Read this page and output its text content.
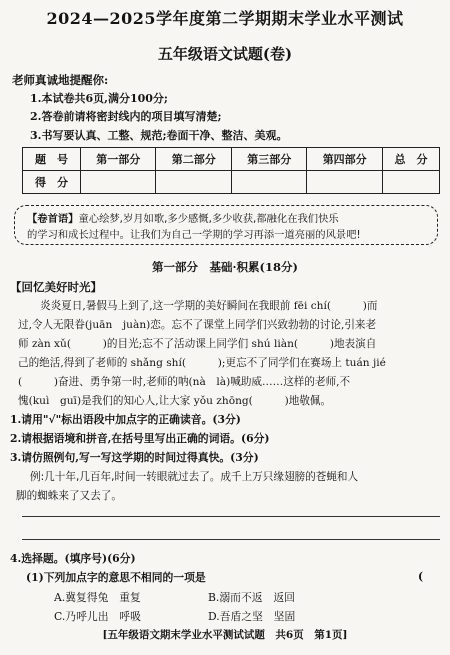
2024—2025学年度第二学期期末学业水平测试
五年级语文试题(卷)
老师真诚地提醒你:
1.本试卷共6页,满分100分;
2.答卷前请将密封线内的项目填写清楚;
3.书写要认真、工整、规范;卷面干净、整洁、美观。
题　号	第一部分	第二部分	第三部分	第四部分	总　分
得　分					
【卷首语】童心绘梦,岁月如歌,多少感慨,多少收获,都融化在我们快乐
的学习和成长过程中。让我们为自己一学期的学习再添一道亮丽的风景吧!
第一部分　基础·积累(18分)
【回忆美好时光】
炎炎夏日,暑假马上到了,这一学期的美好瞬间在我眼前 fēi chí(　　　)而
过,令人无限眷(juān　juàn)恋。忘不了课堂上同学们兴致勃勃的讨论,引来老
师 zàn xǔ(　　　)的目光;忘不了活动课上同学们 shú liàn(　　　)地表演自
己的绝活,得到了老师的 shǎng shí(　　　);更忘不了同学们在赛场上 tuán jié
(　　　)奋进、勇争第一时,老师的呐(nà　là)喊助威……这样的老师,不
愧(kuì　guī)是我们的知心人,让大家 yǒu zhōng(　　　)地敬佩。
1.请用"√"标出语段中加点字的正确读音。(3分)
2.请根据语境和拼音,在括号里写出正确的词语。(6分)
3.请仿照例句,写一写这学期的时间过得真快。(3分)
例:几十年,几百年,时间一转眼就过去了。成千上万只缘翅膀的苍蝇和人
脚的蜘蛛来了又去了。
4.选择题。(填序号)(6分)
(1)下列加点字的意思不相同的一项是	(
A.冀复得兔　重复	B.溺而不返　返回
C.乃呼儿出　呼吸	D.吾盾之坚　坚固
[五年级语文期末学业水平测试试题　共6页　第1页]
